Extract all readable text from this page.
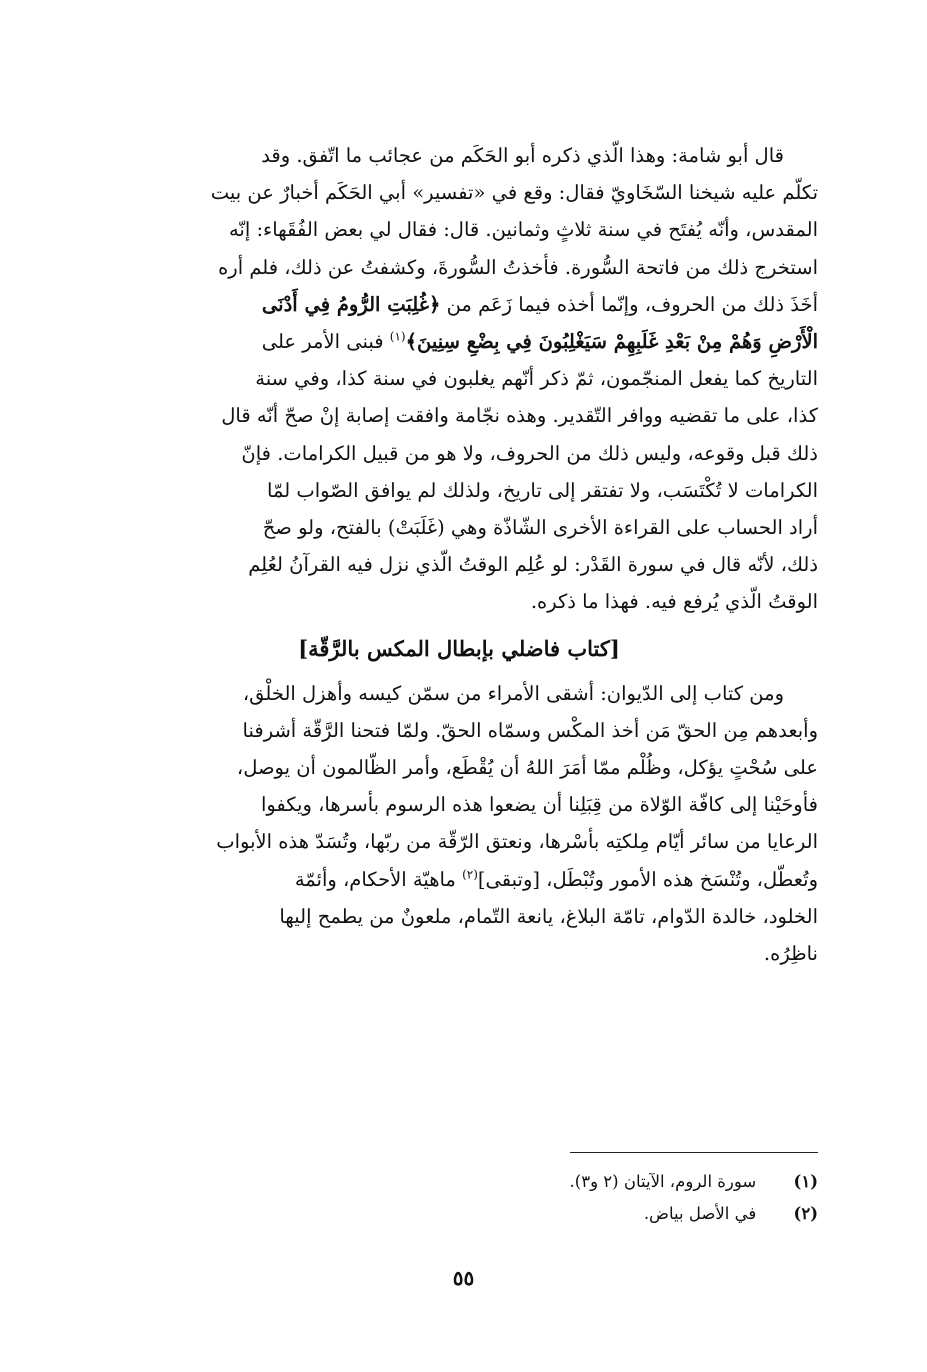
قال أبو شامة: وهذا الّذي ذكره أبو الحَكَم من عجائب ما اتّفق. وقد
تكلّم عليه شيخنا السّخَاويّ فقال: وقع في «تفسير» أبي الحَكَم أخبارٌ عن بيت
المقدس، وأنّه يُفتَح في سنة ثلاثٍ وثمانين. قال: فقال لي بعض الفُقَهاء: إنّه
استخرج ذلك من فاتحة السُّورة. فأخذتُ السُّورةَ، وكشفتُ عن ذلك، فلم أره
أخَذَ ذلك من الحروف، وإنّما أخذه فيما زَعَم من ﴿غُلِبَتِ الرُّومُ فِي أَدْنَى
الْأَرْضِ وَهُمْ مِنْ بَعْدِ غَلَبِهِمْ سَيَغْلِبُونَ فِي بِضْعِ سِنِينَ﴾$^{(١)}$ فبنى الأمر على
التاريخ كما يفعل المنجّمون، ثمّ ذكر أنّهم يغلبون في سنة كذا، وفي سنة
كذا، على ما تقضيه ووافر التّقدير. وهذه نجّامة وافقت إصابة إنْ صحّ أنّه قال
ذلك قبل وقوعه، وليس ذلك من الحروف، ولا هو من قبيل الكرامات. فإنّ
الكرامات لا تُكْتَسَب، ولا تفتقر إلى تاريخ، ولذلك لم يوافق الصّواب لمّا
أراد الحساب على القراءة الأخرى الشّاذّة وهي (غَلَبَتْ) بالفتح، ولو صحّ
ذلك، لأنّه قال في سورة القَدْر: لو عُلِم الوقتُ الّذي نزل فيه القرآنُ لعُلِم
الوقتُ الّذي يُرفع فيه. فهذا ما ذكره.
[كتاب فاضلي بإبطال المكس بالرَّقّة]
ومن كتاب إلى الدّيوان: أشقى الأمراء من سمّن كيسه وأهزل الخلْق،
وأبعدهم مِن الحقّ مَن أخذ المكْس وسمّاه الحقّ. ولمّا فتحنا الرَّقّة أشرفنا
على سُحْتٍ يؤكل، وظُلْم ممّا أمَرَ اللهُ أن يُقْطَع، وأمر الظّالمون أن يوصل،
فأوحَيْنا إلى كافّة الوّلاة من قِبَلِنا أن يضعوا هذه الرسوم بأسرها، ويكفوا
الرعايا من سائر أيّام مِلكتِه بأسْرها، ونعتق الرّقّة من ربّها، وتُسَدّ هذه الأبواب
وتُعطّل، وتُنْسَخ هذه الأمور وتُبْطَل، [وتبقى]$^{(٢)}$ ماهيّة الأحكام، وأئمّة
الخلود، خالدة الدّوام، تامّة البلاغ، يانعة التّمام، ملعونٌ من يطمح إليها
ناظِرُه.
(١)   سورة الروم، الآيتان (٢ و٣).
(٢)   في الأصل بياض.
٥٥
